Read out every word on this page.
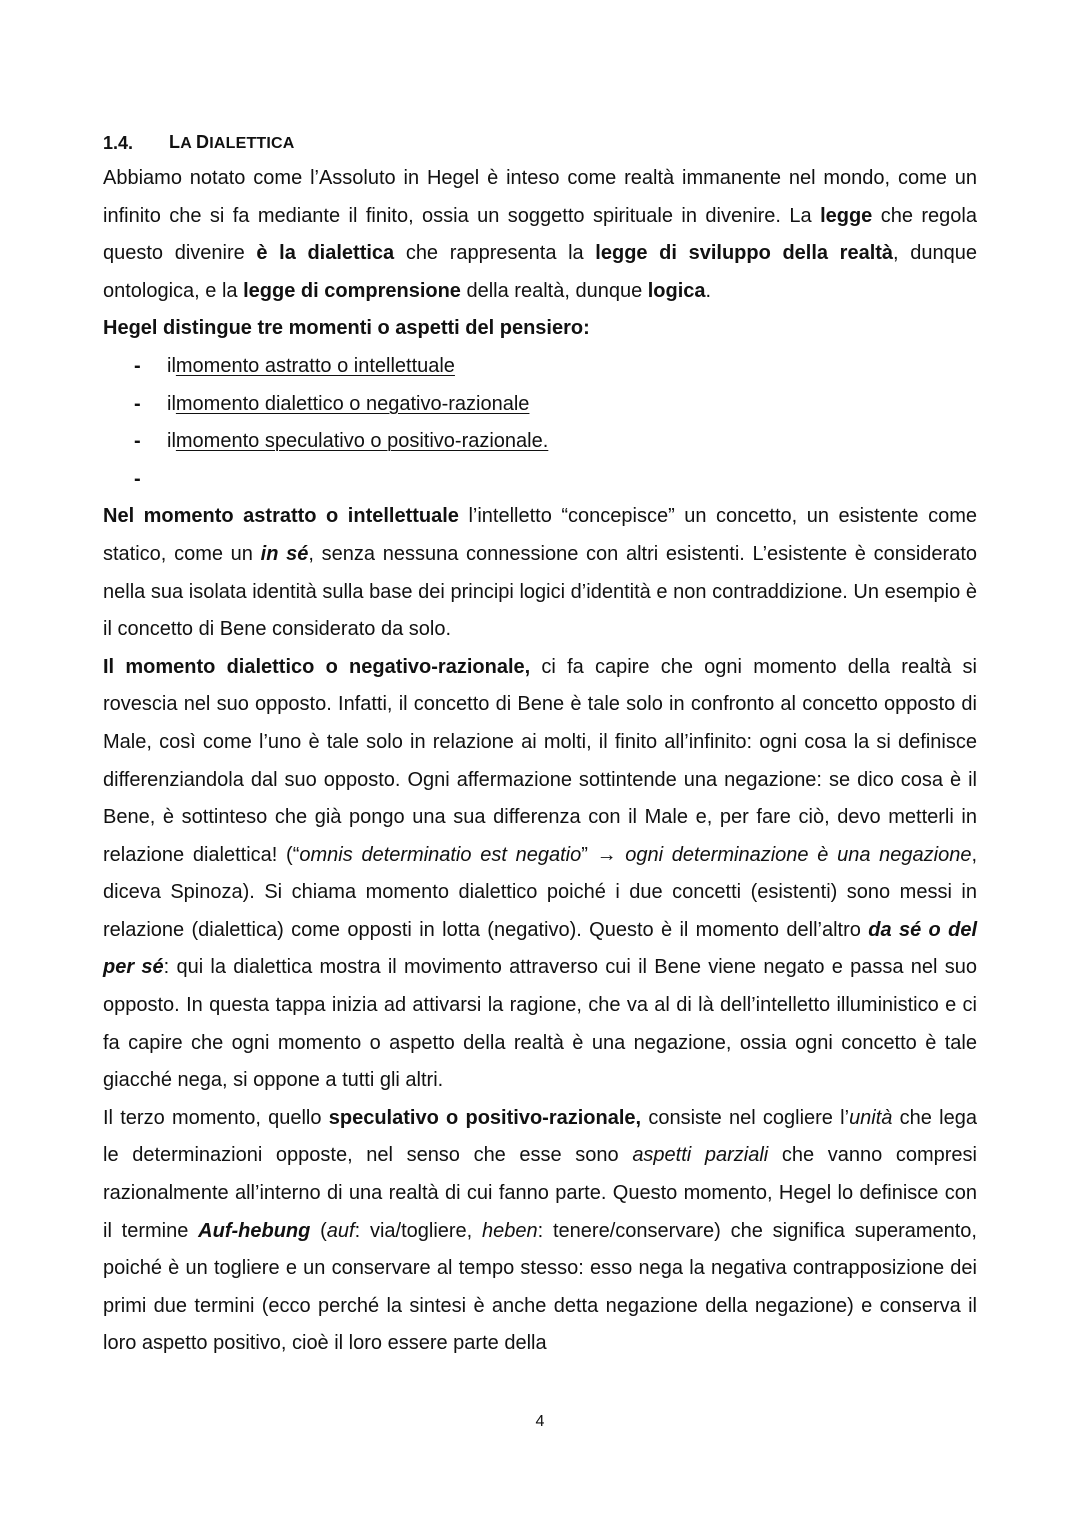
1.4.	LA DIALETTICA

Abbiamo notato come l’Assoluto in Hegel è inteso come realtà immanente nel mondo, come un infinito che si fa mediante il finito, ossia un soggetto spirituale in divenire. La legge che regola questo divenire è la dialettica che rappresenta la legge di sviluppo della realtà, dunque ontologica, e la legge di comprensione della realtà, dunque logica.

Hegel distingue tre momenti o aspetti del pensiero:

-	il momento astratto o intellettuale
-	il momento dialettico o negativo-razionale
-	il momento speculativo o positivo-razionale.
-

Nel momento astratto o intellettuale l’intelletto “concepisce” un concetto, un esistente come statico, come un in sé, senza nessuna connessione con altri esistenti. L’esistente è considerato nella sua isolata identità sulla base dei principi logici d’identità e non contraddizione. Un esempio è il concetto di Bene considerato da solo.

Il momento dialettico o negativo-razionale, ci fa capire che ogni momento della realtà si rovescia nel suo opposto. Infatti, il concetto di Bene è tale solo in confronto al concetto opposto di Male, così come l’uno è tale solo in relazione ai molti, il finito all’infinito: ogni cosa la si definisce differenziandola dal suo opposto. Ogni affermazione sottintende una negazione: se dico cosa è il Bene, è sottinteso che già pongo una sua differenza con il Male e, per fare ciò, devo metterli in relazione dialettica! (“omnis determinatio est negatio” → ogni determinazione è una negazione, diceva Spinoza). Si chiama momento dialettico poiché i due concetti (esistenti) sono messi in relazione (dialettica) come opposti in lotta (negativo). Questo è il momento dell’altro da sé o del per sé: qui la dialettica mostra il movimento attraverso cui il Bene viene negato e passa nel suo opposto. In questa tappa inizia ad attivarsi la ragione, che va al di là dell’intelletto illuministico e ci fa capire che ogni momento o aspetto della realtà è una negazione, ossia ogni concetto è tale giacché nega, si oppone a tutti gli altri.

Il terzo momento, quello speculativo o positivo-razionale, consiste nel cogliere l’unità che lega le determinazioni opposte, nel senso che esse sono aspetti parziali che vanno compresi razionalmente all’interno di una realtà di cui fanno parte. Questo momento, Hegel lo definisce con il termine Auf-hebung (auf: via/togliere, heben: tenere/conservare) che significa superamento, poiché è un togliere e un conservare al tempo stesso: esso nega la negativa contrapposizione dei primi due termini (ecco perché la sintesi è anche detta negazione della negazione) e conserva il loro aspetto positivo, cioè il loro essere parte della

4
